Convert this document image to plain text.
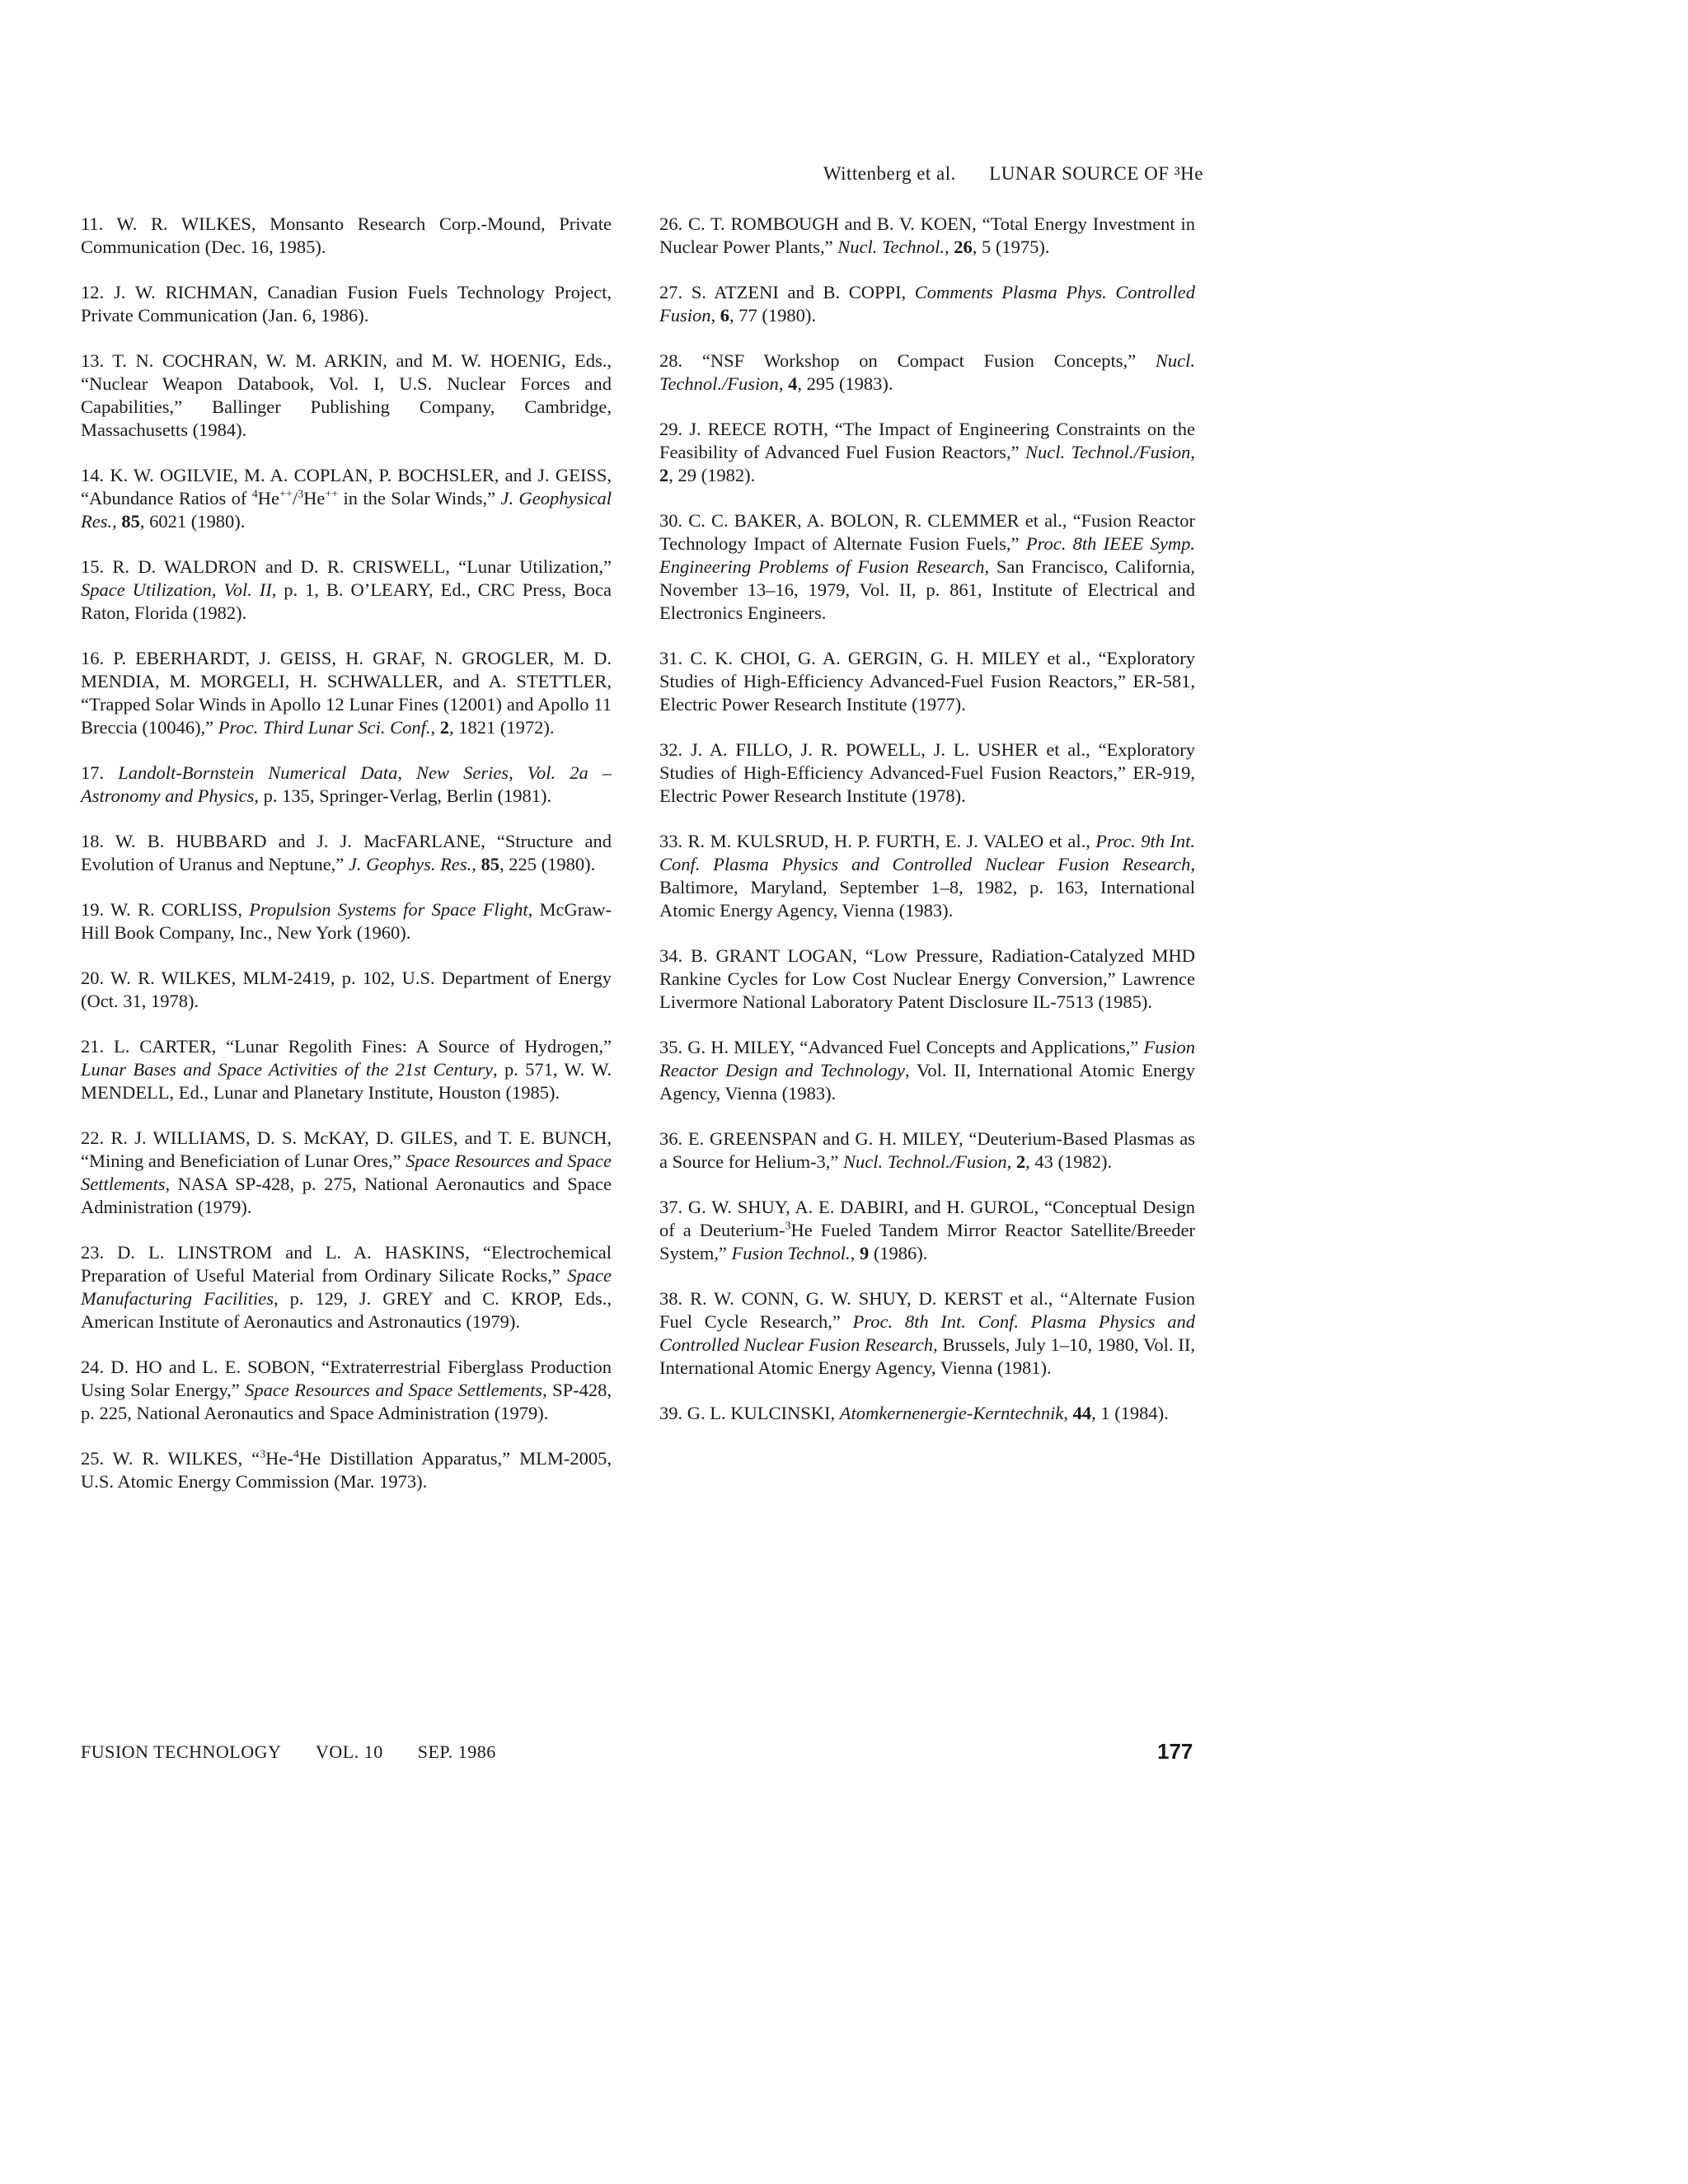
Wittenberg et al. LUNAR SOURCE OF ³He

11. W. R. WILKES, Monsanto Research Corp.-Mound, Private Communication (Dec. 16, 1985).

12. J. W. RICHMAN, Canadian Fusion Fuels Technology Project, Private Communication (Jan. 6, 1986).

13. T. N. COCHRAN, W. M. ARKIN, and M. W. HOENIG, Eds., “Nuclear Weapon Databook, Vol. I, U.S. Nuclear Forces and Capabilities,” Ballinger Publishing Company, Cambridge, Massachusetts (1984).

14. K. W. OGILVIE, M. A. COPLAN, P. BOCHSLER, and J. GEISS, “Abundance Ratios of $^4$He++/$^3$He++ in the Solar Winds,” J. Geophysical Res., 85, 6021 (1980).

15. R. D. WALDRON and D. R. CRISWELL, “Lunar Utilization,” Space Utilization, Vol. II, p. 1, B. O’LEARY, Ed., CRC Press, Boca Raton, Florida (1982).

16. P. EBERHARDT, J. GEISS, H. GRAF, N. GROGLER, M. D. MENDIA, M. MORGELI, H. SCHWALLER, and A. STETTLER, “Trapped Solar Winds in Apollo 12 Lunar Fines (12001) and Apollo 11 Breccia (10046),” Proc. Third Lunar Sci. Conf., 2, 1821 (1972).

17. Landolt-Bornstein Numerical Data, New Series, Vol. 2a – Astronomy and Physics, p. 135, Springer-Verlag, Berlin (1981).

18. W. B. HUBBARD and J. J. MacFARLANE, “Structure and Evolution of Uranus and Neptune,” J. Geophys. Res., 85, 225 (1980).

19. W. R. CORLISS, Propulsion Systems for Space Flight, McGraw-Hill Book Company, Inc., New York (1960).

20. W. R. WILKES, MLM-2419, p. 102, U.S. Department of Energy (Oct. 31, 1978).

21. L. CARTER, “Lunar Regolith Fines: A Source of Hydrogen,” Lunar Bases and Space Activities of the 21st Century, p. 571, W. W. MENDELL, Ed., Lunar and Planetary Institute, Houston (1985).

22. R. J. WILLIAMS, D. S. McKAY, D. GILES, and T. E. BUNCH, “Mining and Beneficiation of Lunar Ores,” Space Resources and Space Settlements, NASA SP-428, p. 275, National Aeronautics and Space Administration (1979).

23. D. L. LINSTROM and L. A. HASKINS, “Electrochemical Preparation of Useful Material from Ordinary Silicate Rocks,” Space Manufacturing Facilities, p. 129, J. GREY and C. KROP, Eds., American Institute of Aeronautics and Astronautics (1979).

24. D. HO and L. E. SOBON, “Extraterrestrial Fiberglass Production Using Solar Energy,” Space Resources and Space Settlements, SP-428, p. 225, National Aeronautics and Space Administration (1979).

25. W. R. WILKES, “$^3$He-$^4$He Distillation Apparatus,” MLM-2005, U.S. Atomic Energy Commission (Mar. 1973).

26. C. T. ROMBOUGH and B. V. KOEN, “Total Energy Investment in Nuclear Power Plants,” Nucl. Technol., 26, 5 (1975).

27. S. ATZENI and B. COPPI, Comments Plasma Phys. Controlled Fusion, 6, 77 (1980).

28. “NSF Workshop on Compact Fusion Concepts,” Nucl. Technol./Fusion, 4, 295 (1983).

29. J. REECE ROTH, “The Impact of Engineering Constraints on the Feasibility of Advanced Fuel Fusion Reactors,” Nucl. Technol./Fusion, 2, 29 (1982).

30. C. C. BAKER, A. BOLON, R. CLEMMER et al., “Fusion Reactor Technology Impact of Alternate Fusion Fuels,” Proc. 8th IEEE Symp. Engineering Problems of Fusion Research, San Francisco, California, November 13–16, 1979, Vol. II, p. 861, Institute of Electrical and Electronics Engineers.

31. C. K. CHOI, G. A. GERGIN, G. H. MILEY et al., “Exploratory Studies of High-Efficiency Advanced-Fuel Fusion Reactors,” ER-581, Electric Power Research Institute (1977).

32. J. A. FILLO, J. R. POWELL, J. L. USHER et al., “Exploratory Studies of High-Efficiency Advanced-Fuel Fusion Reactors,” ER-919, Electric Power Research Institute (1978).

33. R. M. KULSRUD, H. P. FURTH, E. J. VALEO et al., Proc. 9th Int. Conf. Plasma Physics and Controlled Nuclear Fusion Research, Baltimore, Maryland, September 1–8, 1982, p. 163, International Atomic Energy Agency, Vienna (1983).

34. B. GRANT LOGAN, “Low Pressure, Radiation-Catalyzed MHD Rankine Cycles for Low Cost Nuclear Energy Conversion,” Lawrence Livermore National Laboratory Patent Disclosure IL-7513 (1985).

35. G. H. MILEY, “Advanced Fuel Concepts and Applications,” Fusion Reactor Design and Technology, Vol. II, International Atomic Energy Agency, Vienna (1983).

36. E. GREENSPAN and G. H. MILEY, “Deuterium-Based Plasmas as a Source for Helium-3,” Nucl. Technol./Fusion, 2, 43 (1982).

37. G. W. SHUY, A. E. DABIRI, and H. GUROL, “Conceptual Design of a Deuterium-$^3$He Fueled Tandem Mirror Reactor Satellite/Breeder System,” Fusion Technol., 9 (1986).

38. R. W. CONN, G. W. SHUY, D. KERST et al., “Alternate Fusion Fuel Cycle Research,” Proc. 8th Int. Conf. Plasma Physics and Controlled Nuclear Fusion Research, Brussels, July 1–10, 1980, Vol. II, International Atomic Energy Agency, Vienna (1981).

39. G. L. KULCINSKI, Atomkernenergie-Kerntechnik, 44, 1 (1984).

FUSION TECHNOLOGY VOL. 10 SEP. 1986	177
